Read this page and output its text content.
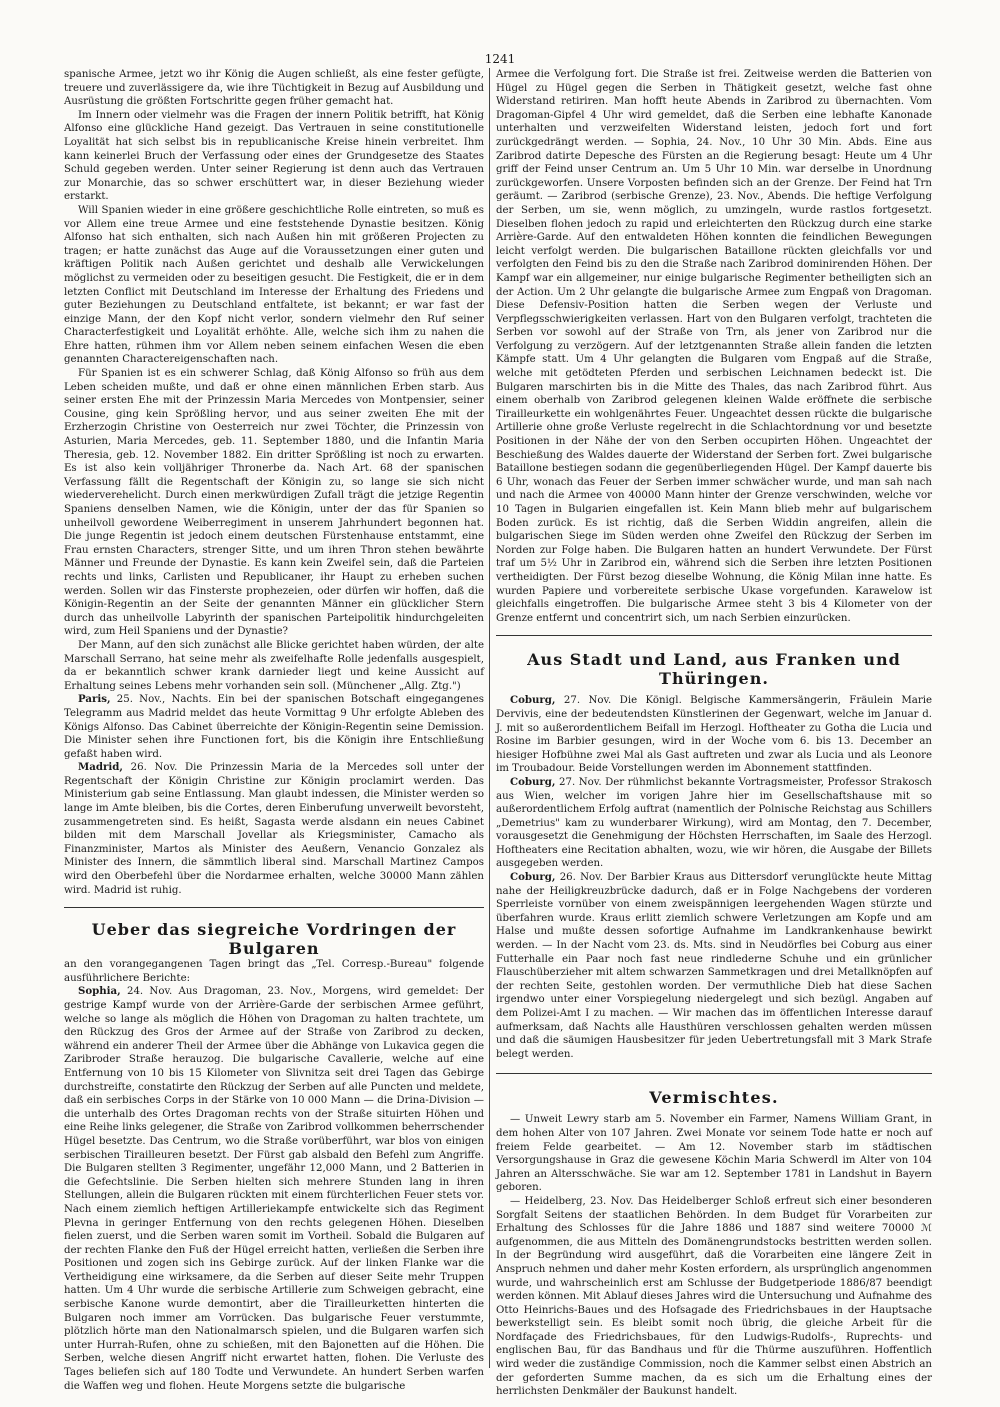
1241

spanische Armee, jetzt wo ihr König die Augen schließt, als eine fester gefügte, treuere und zuverlässigere da, wie ihre Tüchtigkeit in Bezug auf Ausbildung und Ausrüstung die größten Fortschritte gegen früher gemacht hat.

Im Innern oder vielmehr was die Fragen der innern Politik betrifft, hat König Alfonso eine glückliche Hand gezeigt. Das Vertrauen in seine constitutionelle Loyalität hat sich selbst bis in republicanische Kreise hinein verbreitet. Ihm kann keinerlei Bruch der Verfassung oder eines der Grundgesetze des Staates Schuld gegeben werden. Unter seiner Regierung ist denn auch das Vertrauen zur Monarchie, das so schwer erschüttert war, in dieser Beziehung wieder erstarkt.

Will Spanien wieder in eine größere geschichtliche Rolle eintreten, so muß es vor Allem eine treue Armee und eine feststehende Dynastie besitzen. König Alfonso hat sich enthalten, sich nach Außen hin mit größeren Projecten zu tragen; er hatte zunächst das Auge auf die Voraussetzungen einer guten und kräftigen Politik nach Außen gerichtet und deshalb alle Verwickelungen möglichst zu vermeiden oder zu beseitigen gesucht. Die Festigkeit, die er in dem letzten Conflict mit Deutschland im Interesse der Erhaltung des Friedens und guter Beziehungen zu Deutschland entfaltete, ist bekannt; er war fast der einzige Mann, der den Kopf nicht verlor, sondern vielmehr den Ruf seiner Characterfestigkeit und Loyalität erhöhte. Alle, welche sich ihm zu nahen die Ehre hatten, rühmen ihm vor Allem neben seinem einfachen Wesen die eben genannten Charactereigenschaften nach.

Für Spanien ist es ein schwerer Schlag, daß König Alfonso so früh aus dem Leben scheiden mußte, und daß er ohne einen männlichen Erben starb. Aus seiner ersten Ehe mit der Prinzessin Maria Mercedes von Montpensier, seiner Cousine, ging kein Sprößling hervor, und aus seiner zweiten Ehe mit der Erzherzogin Christine von Oesterreich nur zwei Töchter, die Prinzessin von Asturien, Maria Mercedes, geb. 11. September 1880, und die Infantin Maria Theresia, geb. 12. November 1882. Ein dritter Sprößling ist noch zu erwarten. Es ist also kein volljähriger Thronerbe da. Nach Art. 68 der spanischen Verfassung fällt die Regentschaft der Königin zu, so lange sie sich nicht wiederverehelicht. Durch einen merkwürdigen Zufall trägt die jetzige Regentin Spaniens denselben Namen, wie die Königin, unter der das für Spanien so unheilvoll gewordene Weiberregiment in unserem Jahrhundert begonnen hat. Die junge Regentin ist jedoch einem deutschen Fürstenhause entstammt, eine Frau ernsten Characters, strenger Sitte, und um ihren Thron stehen bewährte Männer und Freunde der Dynastie. Es kann kein Zweifel sein, daß die Parteien rechts und links, Carlisten und Republicaner, ihr Haupt zu erheben suchen werden. Sollen wir das Finsterste prophezeien, oder dürfen wir hoffen, daß die Königin-Regentin an der Seite der genannten Männer ein glücklicher Stern durch das unheilvolle Labyrinth der spanischen Parteipolitik hindurchgeleiten wird, zum Heil Spaniens und der Dynastie?

Der Mann, auf den sich zunächst alle Blicke gerichtet haben würden, der alte Marschall Serrano, hat seine mehr als zweifelhafte Rolle jedenfalls ausgespielt, da er bekanntlich schwer krank darnieder liegt und keine Aussicht auf Erhaltung seines Lebens mehr vorhanden sein soll. (Münchener „Allg. Ztg.")

Paris, 25. Nov., Nachts. Ein bei der spanischen Botschaft eingegangenes Telegramm aus Madrid meldet das heute Vormittag 9 Uhr erfolgte Ableben des Königs Alfonso. Das Cabinet überreichte der Königin-Regentin seine Demission. Die Minister sehen ihre Functionen fort, bis die Königin ihre Entschließung gefaßt haben wird.

Madrid, 26. Nov. Die Prinzessin Maria de la Mercedes soll unter der Regentschaft der Königin Christine zur Königin proclamirt werden. Das Ministerium gab seine Entlassung. Man glaubt indessen, die Minister werden so lange im Amte bleiben, bis die Cortes, deren Einberufung unverweilt bevorsteht, zusammengetreten sind. Es heißt, Sagasta werde alsdann ein neues Cabinet bilden mit dem Marschall Jovellar als Kriegsminister, Camacho als Finanzminister, Martos als Minister des Aeußern, Venancio Gonzalez als Minister des Innern, die sämmtlich liberal sind. Marschall Martinez Campos wird den Oberbefehl über die Nordarmee erhalten, welche 30000 Mann zählen wird. Madrid ist ruhig.

Ueber das siegreiche Vordringen der Bulgaren

an den vorangegangenen Tagen bringt das „Tel. Corresp.-Bureau" folgende ausführlichere Berichte:

Sophia, 24. Nov. Aus Dragoman, 23. Nov., Morgens, wird gemeldet: Der gestrige Kampf wurde von der Arrière-Garde der serbischen Armee geführt, welche so lange als möglich die Höhen von Dragoman zu halten trachtete, um den Rückzug des Gros der Armee auf der Straße von Zaribrod zu decken, während ein anderer Theil der Armee über die Abhänge von Lukavica gegen die Zaribroder Straße herauzog. Die bulgarische Cavallerie, welche auf eine Entfernung von 10 bis 15 Kilometer von Slivnitza seit drei Tagen das Gebirge durchstreifte, constatirte den Rückzug der Serben auf alle Puncten und meldete, daß ein serbisches Corps in der Stärke von 10 000 Mann — die Drina-Division — die unterhalb des Ortes Dragoman rechts von der Straße situirten Höhen und eine Reihe links gelegener, die Straße von Zaribrod vollkommen beherrschender Hügel besetzte. Das Centrum, wo die Straße vorüberführt, war blos von einigen serbischen Tirailleuren besetzt. Der Fürst gab alsbald den Befehl zum Angriffe. Die Bulgaren stellten 3 Regimenter, ungefähr 12,000 Mann, und 2 Batterien in die Gefechtslinie. Die Serben hielten sich mehrere Stunden lang in ihren Stellungen, allein die Bulgaren rückten mit einem fürchterlichen Feuer stets vor. Nach einem ziemlich heftigen Artilleriekampfe entwickelte sich das Regiment Plevna in geringer Entfernung von den rechts gelegenen Höhen. Dieselben fielen zuerst, und die Serben waren somit im Vortheil. Sobald die Bulgaren auf der rechten Flanke den Fuß der Hügel erreicht hatten, verließen die Serben ihre Positionen und zogen sich ins Gebirge zurück. Auf der linken Flanke war die Vertheidigung eine wirksamere, da die Serben auf dieser Seite mehr Truppen hatten. Um 4 Uhr wurde die serbische Artillerie zum Schweigen gebracht, eine serbische Kanone wurde demontirt, aber die Tirailleurketten hinterten die Bulgaren noch immer am Vorrücken. Das bulgarische Feuer verstummte, plötzlich hörte man den Nationalmarsch spielen, und die Bulgaren warfen sich unter Hurrah-Rufen, ohne zu schießen, mit den Bajonetten auf die Höhen. Die Serben, welche diesen Angriff nicht erwartet hatten, flohen. Die Verluste des Tages beliefen sich auf 180 Todte und Verwundete. An hundert Serben warfen die Waffen weg und flohen. Heute Morgens setzte die bulgarische

Armee die Verfolgung fort. Die Straße ist frei. Zeitweise werden die Batterien von Hügel zu Hügel gegen die Serben in Thätigkeit gesetzt, welche fast ohne Widerstand retiriren. Man hofft heute Abends in Zaribrod zu übernachten. Vom Dragoman-Gipfel 4 Uhr wird gemeldet, daß die Serben eine lebhafte Kanonade unterhalten und verzweifelten Widerstand leisten, jedoch fort und fort zurückgedrängt werden. — Sophia, 24. Nov., 10 Uhr 30 Min. Abds. Eine aus Zaribrod datirte Depesche des Fürsten an die Regierung besagt: Heute um 4 Uhr griff der Feind unser Centrum an. Um 5 Uhr 10 Min. war derselbe in Unordnung zurückgeworfen. Unsere Vorposten befinden sich an der Grenze. Der Feind hat Trn geräumt. — Zaribrod (serbische Grenze), 23. Nov., Abends. Die heftige Verfolgung der Serben, um sie, wenn möglich, zu umzingeln, wurde rastlos fortgesetzt. Dieselben flohen jedoch zu rapid und erleichterten den Rückzug durch eine starke Arrière-Garde. Auf den entwaldeten Höhen konnten die feindlichen Bewegungen leicht verfolgt werden. Die bulgarischen Bataillone rückten gleichfalls vor und verfolgten den Feind bis zu den die Straße nach Zaribrod dominirenden Höhen. Der Kampf war ein allgemeiner, nur einige bulgarische Regimenter betheiligten sich an der Action. Um 2 Uhr gelangte die bulgarische Armee zum Engpaß von Dragoman. Diese Defensiv-Position hatten die Serben wegen der Verluste und Verpflegsschwierigkeiten verlassen. Hart von den Bulgaren verfolgt, trachteten die Serben vor sowohl auf der Straße von Trn, als jener von Zaribrod nur die Verfolgung zu verzögern. Auf der letztgenannten Straße allein fanden die letzten Kämpfe statt. Um 4 Uhr gelangten die Bulgaren vom Engpaß auf die Straße, welche mit getödteten Pferden und serbischen Leichnamen bedeckt ist. Die Bulgaren marschirten bis in die Mitte des Thales, das nach Zaribrod führt. Aus einem oberhalb von Zaribrod gelegenen kleinen Walde eröffnete die serbische Tirailleurkette ein wohlgenährtes Feuer. Ungeachtet dessen rückte die bulgarische Artillerie ohne große Verluste regelrecht in die Schlachtordnung vor und besetzte Positionen in der Nähe der von den Serben occupirten Höhen. Ungeachtet der Beschießung des Waldes dauerte der Widerstand der Serben fort. Zwei bulgarische Bataillone bestiegen sodann die gegenüberliegenden Hügel. Der Kampf dauerte bis 6 Uhr, wonach das Feuer der Serben immer schwächer wurde, und man sah nach und nach die Armee von 40000 Mann hinter der Grenze verschwinden, welche vor 10 Tagen in Bulgarien eingefallen ist. Kein Mann blieb mehr auf bulgarischem Boden zurück. Es ist richtig, daß die Serben Widdin angreifen, allein die bulgarischen Siege im Süden werden ohne Zweifel den Rückzug der Serben im Norden zur Folge haben. Die Bulgaren hatten an hundert Verwundete. Der Fürst traf um 5½ Uhr in Zaribrod ein, während sich die Serben ihre letzten Positionen vertheidigten. Der Fürst bezog dieselbe Wohnung, die König Milan inne hatte. Es wurden Papiere und vorbereitete serbische Ukase vorgefunden. Karawelow ist gleichfalls eingetroffen. Die bulgarische Armee steht 3 bis 4 Kilometer von der Grenze entfernt und concentrirt sich, um nach Serbien einzurücken.

Aus Stadt und Land, aus Franken und Thüringen.

Coburg, 27. Nov. Die Königl. Belgische Kammersängerin, Fräulein Marie Dervivis, eine der bedeutendsten Künstlerinen der Gegenwart, welche im Januar d. J. mit so außerordentlichem Beifall im Herzogl. Hoftheater zu Gotha die Lucia und Rosine im Barbier gesungen, wird in der Woche vom 6. bis 13. December an hiesiger Hofbühne zwei Mal als Gast auftreten und zwar als Lucia und als Leonore im Troubadour. Beide Vorstellungen werden im Abonnement stattfinden.

Coburg, 27. Nov. Der rühmlichst bekannte Vortragsmeister, Professor Strakosch aus Wien, welcher im vorigen Jahre hier im Gesellschaftshause mit so außerordentlichem Erfolg auftrat (namentlich der Polnische Reichstag aus Schillers „Demetrius" kam zu wunderbarer Wirkung), wird am Montag, den 7. December, vorausgesetzt die Genehmigung der Höchsten Herrschaften, im Saale des Herzogl. Hoftheaters eine Recitation abhalten, wozu, wie wir hören, die Ausgabe der Billets ausgegeben werden.

Coburg, 26. Nov. Der Barbier Kraus aus Dittersdorf verunglückte heute Mittag nahe der Heiligkreuzbrücke dadurch, daß er in Folge Nachgebens der vorderen Sperrleiste vornüber von einem zweispännigen leergehenden Wagen stürzte und überfahren wurde. Kraus erlitt ziemlich schwere Verletzungen am Kopfe und am Halse und mußte dessen sofortige Aufnahme im Landkrankenhause bewirkt werden. — In der Nacht vom 23. ds. Mts. sind in Neudörfles bei Coburg aus einer Futterhalle ein Paar noch fast neue rindlederne Schuhe und ein grünlicher Flauschüberzieher mit altem schwarzen Sammetkragen und drei Metallknöpfen auf der rechten Seite, gestohlen worden. Der vermuthliche Dieb hat diese Sachen irgendwo unter einer Vorspiegelung niedergelegt und sich bezügl. Angaben auf dem Polizei-Amt I zu machen. — Wir machen das im öffentlichen Interesse darauf aufmerksam, daß Nachts alle Hausthüren verschlossen gehalten werden müssen und daß die säumigen Hausbesitzer für jeden Uebertretungsfall mit 3 Mark Strafe belegt werden.

Vermischtes.

— Unweit Lewry starb am 5. November ein Farmer, Namens William Grant, in dem hohen Alter von 107 Jahren. Zwei Monate vor seinem Tode hatte er noch auf freiem Felde gearbeitet. — Am 12. November starb im städtischen Versorgungshause in Graz die gewesene Köchin Maria Schwerdl im Alter von 104 Jahren an Altersschwäche. Sie war am 12. September 1781 in Landshut in Bayern geboren.

— Heidelberg, 23. Nov. Das Heidelberger Schloß erfreut sich einer besonderen Sorgfalt Seitens der staatlichen Behörden. In dem Budget für Vorarbeiten zur Erhaltung des Schlosses für die Jahre 1886 und 1887 sind weitere 70000 ℳ aufgenommen, die aus Mitteln des Domänengrundstocks bestritten werden sollen. In der Begründung wird ausgeführt, daß die Vorarbeiten eine längere Zeit in Anspruch nehmen und daher mehr Kosten erfordern, als ursprünglich angenommen wurde, und wahrscheinlich erst am Schlusse der Budgetperiode 1886/87 beendigt werden können. Mit Ablauf dieses Jahres wird die Untersuchung und Aufnahme des Otto Heinrichs-Baues und des Hofsagade des Friedrichsbaues in der Hauptsache bewerkstelligt sein. Es bleibt somit noch übrig, die gleiche Arbeit für die Nordfaçade des Friedrichsbaues, für den Ludwigs-Rudolfs-, Ruprechts- und englischen Bau, für das Bandhaus und für die Thürme auszuführen. Hoffentlich wird weder die zuständige Commission, noch die Kammer selbst einen Abstrich an der geforderten Summe machen, da es sich um die Erhaltung eines der herrlichsten Denkmäler der Baukunst handelt.
